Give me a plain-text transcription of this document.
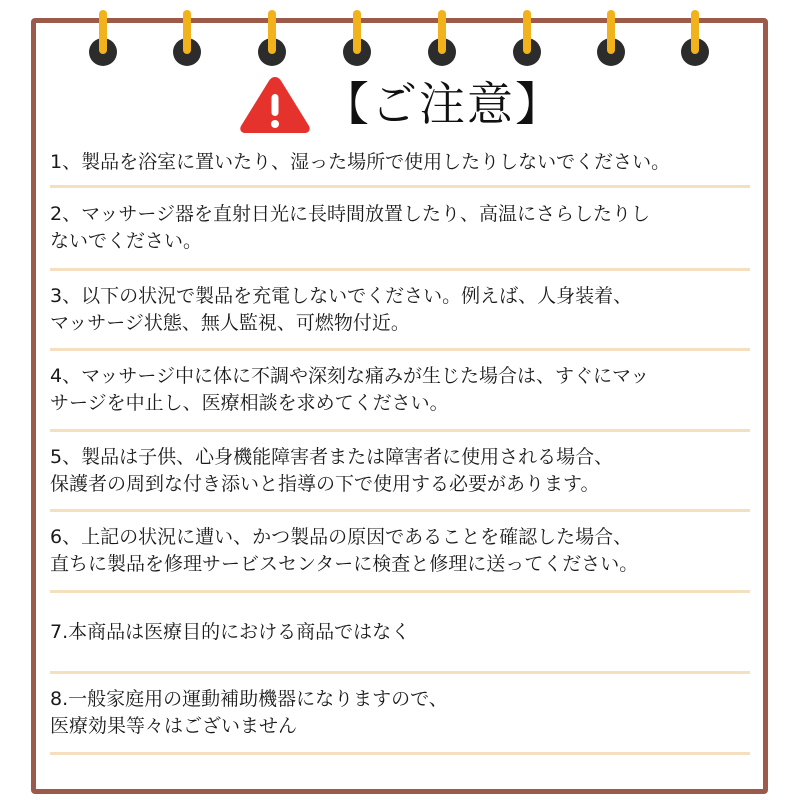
【ご注意】
1、製品を浴室に置いたり、湿った場所で使用したりしないでください。
2、マッサージ器を直射日光に長時間放置したり、高温にさらしたりし
ないでください。
3、以下の状況で製品を充電しないでください。例えば、人身装着、
マッサージ状態、無人監視、可燃物付近。
4、マッサージ中に体に不調や深刻な痛みが生じた場合は、すぐにマッ
サージを中止し、医療相談を求めてください。
5、製品は子供、心身機能障害者または障害者に使用される場合、
保護者の周到な付き添いと指導の下で使用する必要があります。
6、上記の状況に遭い、かつ製品の原因であることを確認した場合、
直ちに製品を修理サービスセンターに検査と修理に送ってください。
7.本商品は医療目的における商品ではなく
8.一般家庭用の運動補助機器になりますので、
医療効果等々はございません
